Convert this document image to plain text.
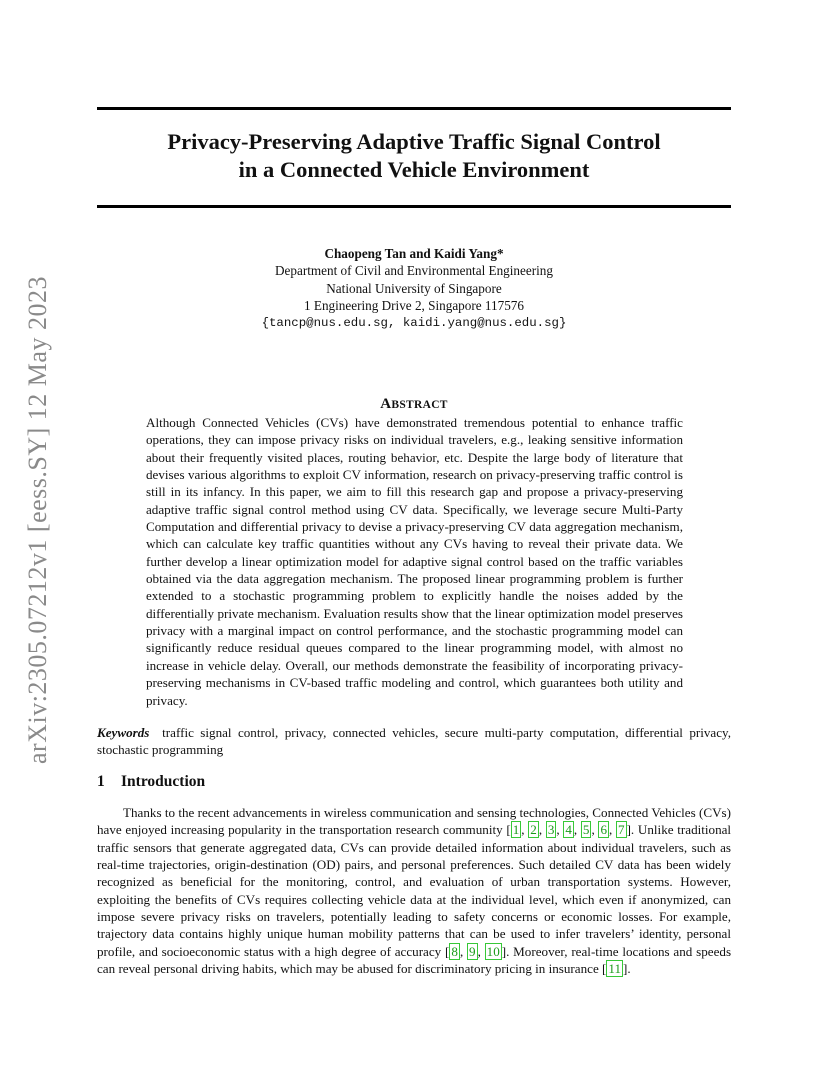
arXiv:2305.07212v1 [eess.SY] 12 May 2023
Privacy-Preserving Adaptive Traffic Signal Control
in a Connected Vehicle Environment
Chaopeng Tan and Kaidi Yang*
Department of Civil and Environmental Engineering
National University of Singapore
1 Engineering Drive 2, Singapore 117576
{tancp@nus.edu.sg, kaidi.yang@nus.edu.sg}
ABSTRACT
Although Connected Vehicles (CVs) have demonstrated tremendous potential to enhance traffic operations, they can impose privacy risks on individual travelers, e.g., leaking sensitive information about their frequently visited places, routing behavior, etc. Despite the large body of literature that devises various algorithms to exploit CV information, research on privacy-preserving traffic control is still in its infancy. In this paper, we aim to fill this research gap and propose a privacy-preserving adaptive traffic signal control method using CV data. Specifically, we leverage secure Multi-Party Computation and differential privacy to devise a privacy-preserving CV data aggregation mechanism, which can calculate key traffic quantities without any CVs having to reveal their private data. We further develop a linear optimization model for adaptive signal control based on the traffic variables obtained via the data aggregation mechanism. The proposed linear programming problem is further extended to a stochastic programming problem to explicitly handle the noises added by the differentially private mechanism. Evaluation results show that the linear optimization model preserves privacy with a marginal impact on control performance, and the stochastic programming model can significantly reduce residual queues compared to the linear programming model, with almost no increase in vehicle delay. Overall, our methods demonstrate the feasibility of incorporating privacy-preserving mechanisms in CV-based traffic modeling and control, which guarantees both utility and privacy.
Keywords traffic signal control, privacy, connected vehicles, secure multi-party computation, differential privacy, stochastic programming
1 Introduction
Thanks to the recent advancements in wireless communication and sensing technologies, Connected Vehicles (CVs) have enjoyed increasing popularity in the transportation research community [ 1 , 2 , 3 , 4 , 5 , 6 , 7 ]. Unlike traditional traffic sensors that generate aggregated data, CVs can provide detailed information about individual travelers, such as real-time trajectories, origin-destination (OD) pairs, and personal preferences. Such detailed CV data has been widely recognized as beneficial for the monitoring, control, and evaluation of urban transportation systems. However, exploiting the benefits of CVs requires collecting vehicle data at the individual level, which even if anonymized, can impose severe privacy risks on travelers, potentially leading to safety concerns or economic losses. For example, trajectory data contains highly unique human mobility patterns that can be used to infer travelers’ identity, personal profile, and socioeconomic status with a high degree of accuracy [ 8 , 9 , 10 ]. Moreover, real-time locations and speeds can reveal personal driving habits, which may be abused for discriminatory pricing in insurance [ 11 ].
